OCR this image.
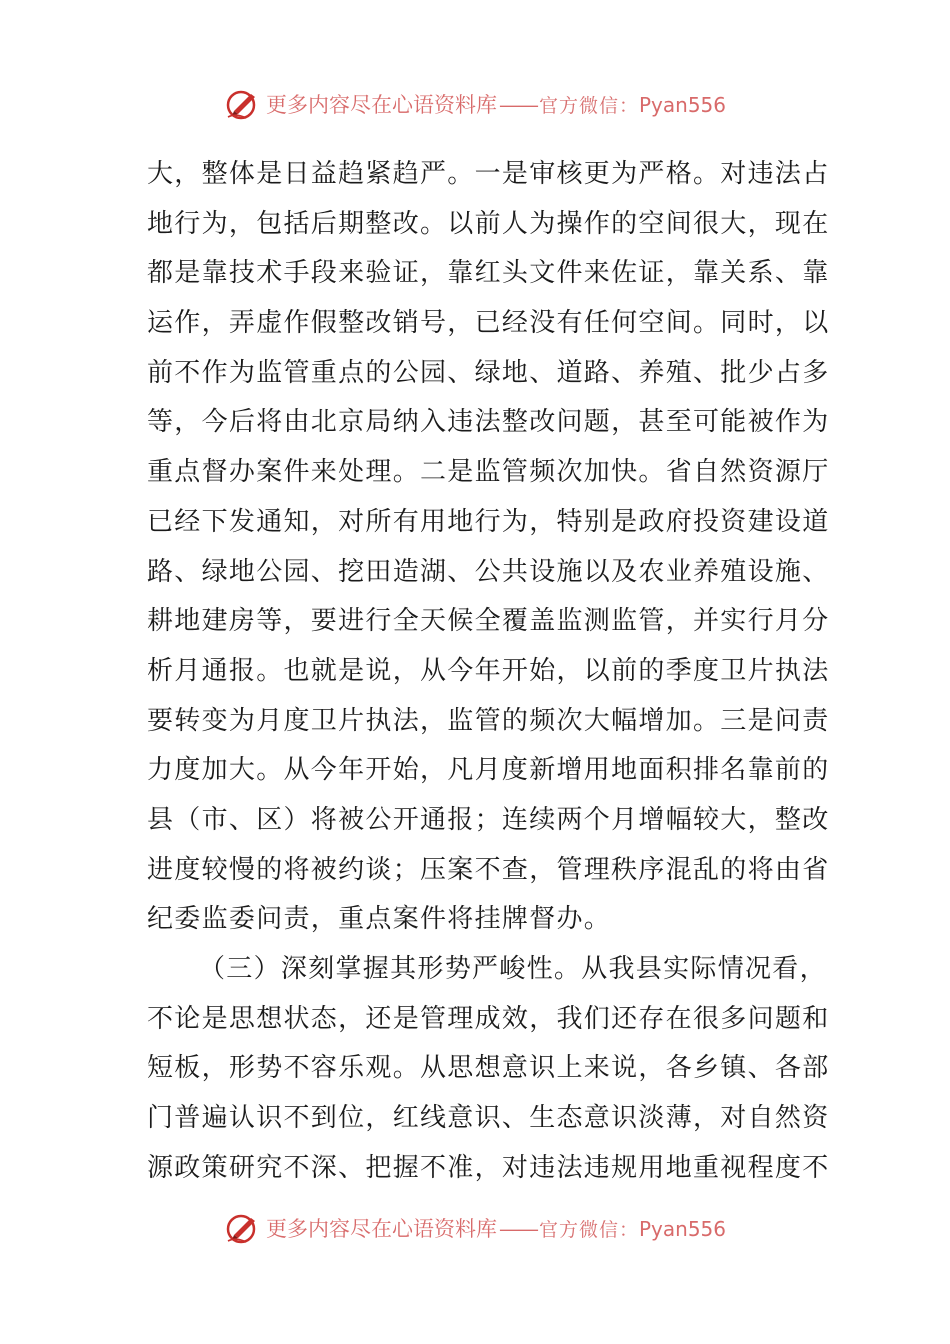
更多内容尽在心语资料库—— 官方微信：Pyan556
大，整体是日益趋紧趋严。一是审核更为严格。对违法占
地行为，包括后期整改。以前人为操作的空间很大，现在
都是靠技术手段来验证，靠红头文件来佐证，靠关系、靠
运作，弄虚作假整改销号，已经没有任何空间。同时，以
前不作为监管重点的公园、绿地、道路、养殖、批少占多
等，今后将由北京局纳入违法整改问题，甚至可能被作为
重点督办案件来处理。二是监管频次加快。省自然资源厅
已经下发通知，对所有用地行为，特别是政府投资建设道
路、绿地公园、挖田造湖、公共设施以及农业养殖设施、
耕地建房等，要进行全天候全覆盖监测监管，并实行月分
析月通报。也就是说，从今年开始，以前的季度卫片执法
要转变为月度卫片执法，监管的频次大幅增加。三是问责
力度加大。从今年开始，凡月度新增用地面积排名靠前的
县（市、区）将被公开通报；连续两个月增幅较大，整改
进度较慢的将被约谈；压案不查，管理秩序混乱的将由省
纪委监委问责，重点案件将挂牌督办。
（三）深刻掌握其形势严峻性。从我县实际情况看，
不论是思想状态，还是管理成效，我们还存在很多问题和
短板，形势不容乐观。从思想意识上来说，各乡镇、各部
门普遍认识不到位，红线意识、生态意识淡薄，对自然资
源政策研究不深、把握不准，对违法违规用地重视程度不
更多内容尽在心语资料库—— 官方微信：Pyan556
